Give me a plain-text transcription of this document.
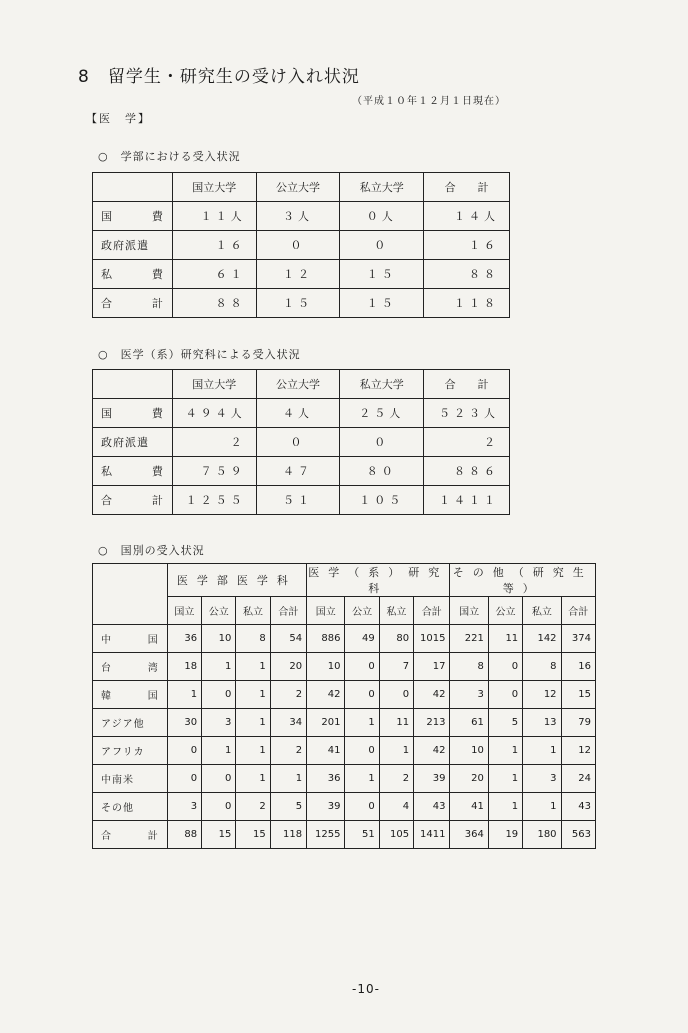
8 留学生・研究生の受け入れ状況
（平成１０年１２月１日現在）
【医　学】
○ 学部における受入状況
	国立大学	公立大学	私立大学	合　　計

国 費	１１人	３人	０人	１４人

政府派遣	１６	０	０	１６

私 費	６１	１２	１５	８８

合 計	８８	１５	１５	１１８
○ 医学（系）研究科による受入状況
	国立大学	公立大学	私立大学	合　　計

国 費	４９４人	４人	２５人	５２３人

政府派遣	２	０	０	２

私 費	７５９	４７	８０	８８６

合 計	１２５５	５１	１０５	１４１１
○ 国別の受入状況
	医学部医学科				医学（系）研究科				その他（研究生等）			
	国立	公立	私立	合計	国立	公立	私立	合計	国立	公立	私立	合計

中 国	36	10	8	54	886	49	80	1015	221	11	142	374

台 湾	18	1	1	20	10	0	7	17	8	0	8	16

韓 国	1	0	1	2	42	0	0	42	3	0	12	15

アジア他	30	3	1	34	201	1	11	213	61	5	13	79

アフリカ	0	1	1	2	41	0	1	42	10	1	1	12

中南米	0	0	1	1	36	1	2	39	20	1	3	24

その他	3	0	2	5	39	0	4	43	41	1	1	43

合 計	88	15	15	118	1255	51	105	1411	364	19	180	563
-10-
